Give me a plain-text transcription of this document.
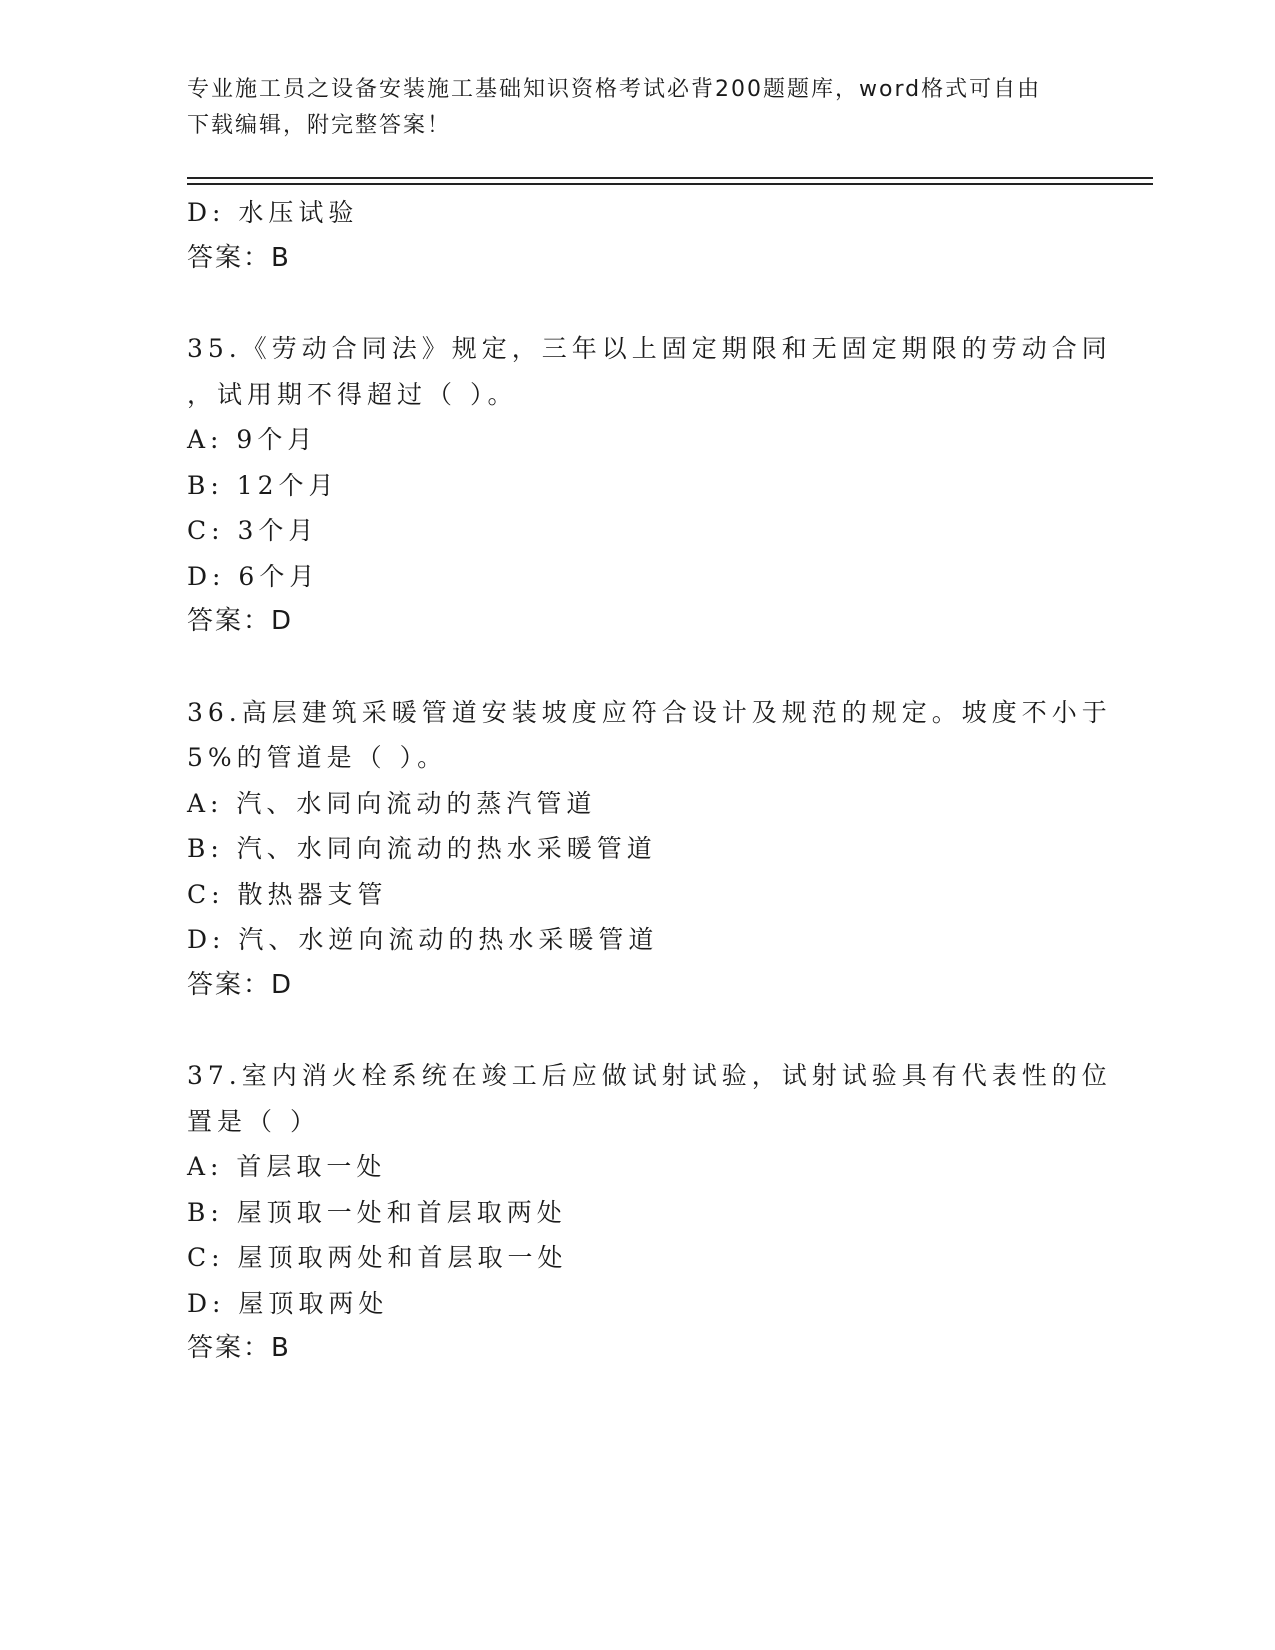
专业施工员之设备安装施工基础知识资格考试必背200题题库，word格式可自由
下载编辑，附完整答案！
D: 水压试验
答案：B
35.《劳动合同法》规定，三年以上固定期限和无固定期限的劳动合同
，试用期不得超过（ ）。
A: 9个月
B: 12个月
C: 3个月
D: 6个月
答案：D
36.高层建筑采暖管道安装坡度应符合设计及规范的规定。坡度不小于
5%的管道是（ ）。
A: 汽、水同向流动的蒸汽管道
B: 汽、水同向流动的热水采暖管道
C: 散热器支管
D: 汽、水逆向流动的热水采暖管道
答案：D
37.室内消火栓系统在竣工后应做试射试验，试射试验具有代表性的位
置是（ ）
A: 首层取一处
B: 屋顶取一处和首层取两处
C: 屋顶取两处和首层取一处
D: 屋顶取两处
答案：B
